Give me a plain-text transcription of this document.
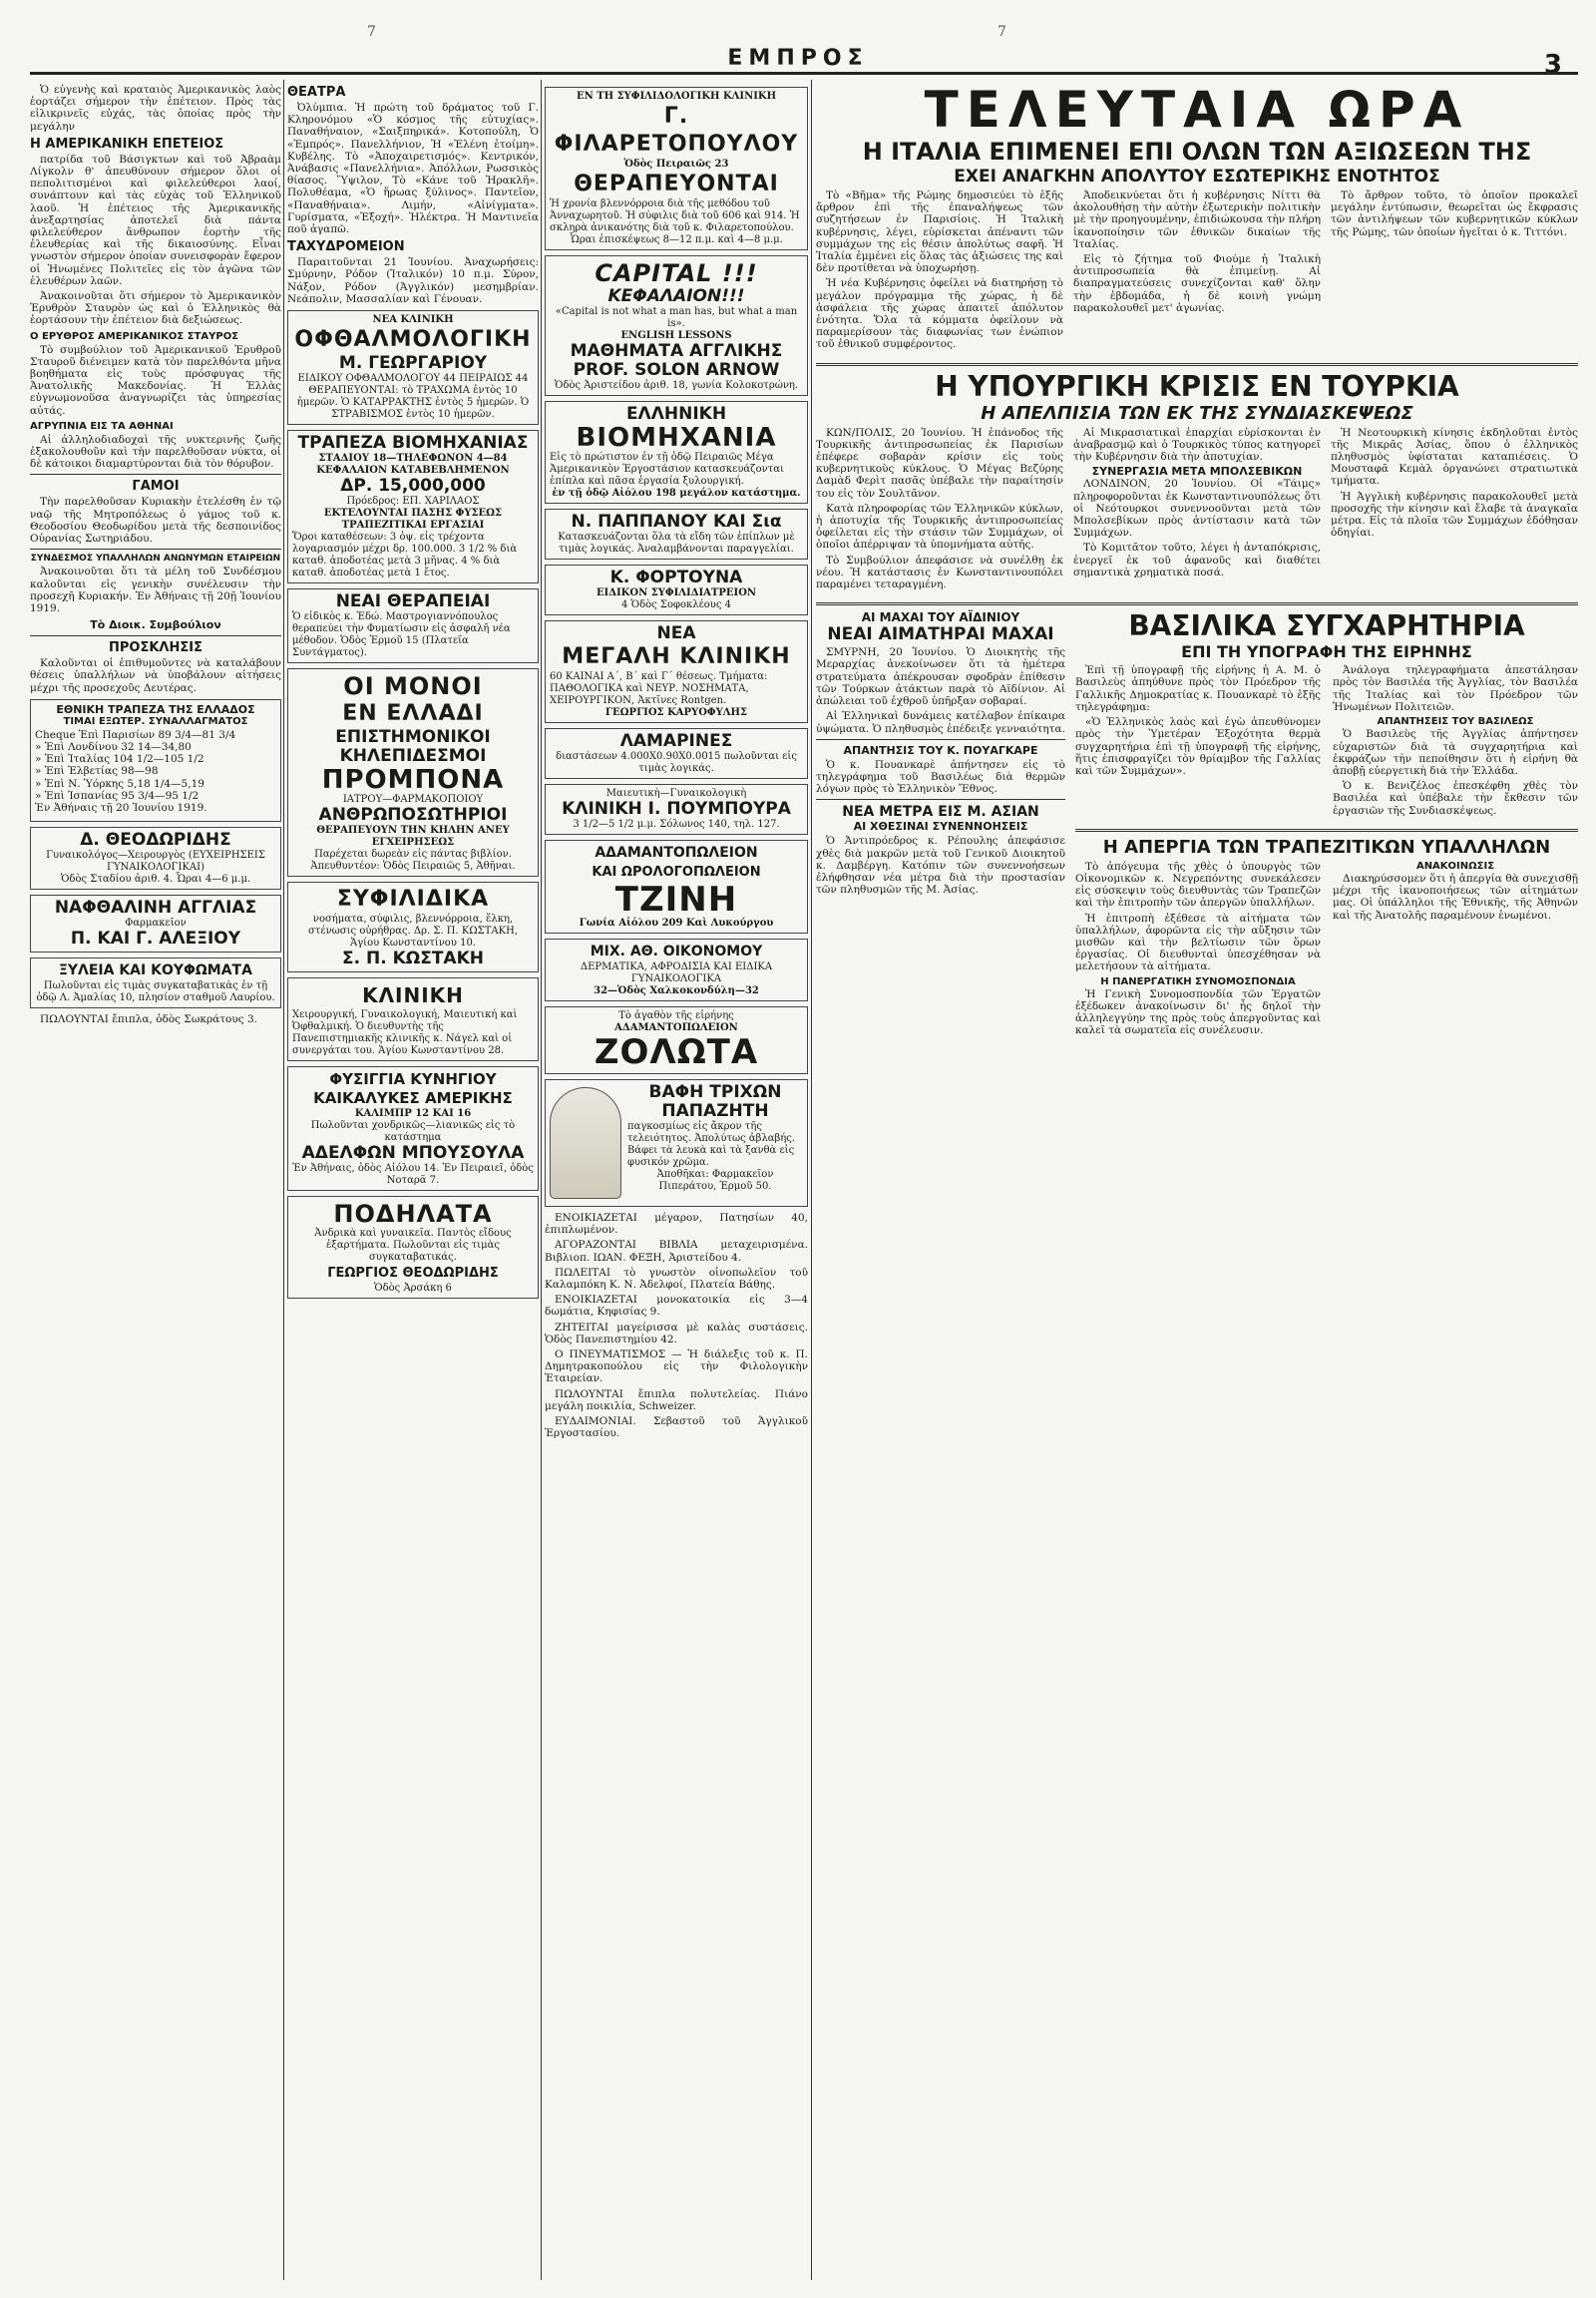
7	7
ΕΜΠΡΟΣ	3

Ὁ εὐγενὴς καὶ κραταιὸς Ἀμερικανικὸς λαὸς ἑορτάζει σήμερον τὴν ἐπέτειον. Πρὸς τὰς εἰλικρινεῖς εὐχάς, τὰς ὁποίας πρὸς τὴν μεγάλην

Η ΑΜΕΡΙΚΑΝΙΚΗ ΕΠΕΤΕΙΟΣ

πατρίδα τοῦ Βάσιγκτων καὶ τοῦ Ἀβραὰμ Λίγκολν θ' ἀπευθύνουν σήμερον ὅλοι οἱ πεπολιτισμένοι καὶ φιλελεύθεροι λαοί, συνάπτουν καὶ τὰς εὐχὰς τοῦ Ἑλληνικοῦ λαοῦ. Ἡ ἐπέτειος τῆς Ἀμερικανικῆς ἀνεξαρτησίας ἀποτελεῖ διὰ πάντα φιλελεύθερον ἄνθρωπον ἑορτὴν τῆς ἐλευθερίας καὶ τῆς δικαιοσύνης. Εἶναι γνωστὸν σήμερον ὁποίαν συνεισφορὰν ἔφερον οἱ Ἡνωμένες Πολιτεῖες εἰς τὸν ἀγῶνα τῶν ἐλευθέρων λαῶν.

Ἀνακοινοῦται ὅτι σήμερον τὸ Ἀμερικανικὸν Ἐρυθρὸν Σταυρὸν ὡς καὶ ὁ Ἐλληνικὸς θὰ ἑορτάσουν τὴν ἐπέτειον διὰ δεξιώσεως.

Ο ΕΡΥΘΡΟΣ ΑΜΕΡΙΚΑΝΙΚΟΣ ΣΤΑΥΡΟΣ

Τὸ συμβούλιον τοῦ Ἀμερικανικοῦ Ἐρυθροῦ Σταυροῦ διένειμεν κατὰ τὸν παρελθόντα μῆνα βοηθήματα εἰς τοὺς πρόσφυγας τῆς Ἀνατολικῆς Μακεδονίας. Ἡ Ἑλλὰς εὐγνωμονοῦσα ἀναγνωρίζει τὰς ὑπηρεσίας αὐτάς.

ΑΓΡΥΠΝΙΑ ΕΙΣ ΤΑ ΑΘΗΝΑΙ

Αἱ ἀλληλοδιαδοχαὶ τῆς νυκτερινῆς ζωῆς ἐξακολουθοῦν καὶ τὴν παρελθοῦσαν νύκτα, οἱ δὲ κάτοικοι διαμαρτύρονται διὰ τὸν θόρυβον.

ΓΑΜΟΙ

Τὴν παρελθοῦσαν Κυριακὴν ἐτελέσθη ἐν τῷ ναῷ τῆς Μητροπόλεως ὁ γάμος τοῦ κ. Θεοδοσίου Θεοδωρίδου μετὰ τῆς δεσποινίδος Οὐρανίας Σωτηριάδου.

ΣΥΝΔΕΣΜΟΣ ΥΠΑΛΛΗΛΩΝ ΑΝΩΝΥΜΩΝ ΕΤΑΙΡΕΙΩΝ

Ἀνακοινοῦται ὅτι τὰ μέλη τοῦ Συνδέσμου καλοῦνται εἰς γενικὴν συνέλευσιν τὴν προσεχῆ Κυριακήν. Ἐν Ἀθήναις τῇ 20ῇ Ἰουνίου 1919.

Τὸ Διοικ. Συμβούλιον
ΠΡΟΣΚΛΗΣΙΣ

Καλοῦνται οἱ ἐπιθυμοῦντες νὰ καταλάβουν θέσεις ὑπαλλήλων νὰ ὑποβάλουν αἰτήσεις μέχρι τῆς προσεχοῦς Δευτέρας.

ΕΘΝΙΚΗ ΤΡΑΠΕΖΑ ΤΗΣ ΕΛΛΑΔΟΣ
ΤΙΜΑΙ ΕΞΩΤΕΡ. ΣΥΝΑΛΛΑΓΜΑΤΟΣ
Cheque Ἐπὶ Παρισίων 89 3/4—81 3/4
» Ἐπὶ Λονδίνου 32 14—34,80
» Ἐπὶ Ἰταλίας 104 1/2—105 1/2
» Ἐπὶ Ἑλβετίας 98—98
» Ἐπὶ Ν. Ὑόρκης 5,18 1/4—5,19
» Ἐπὶ Ἰσπανίας 95 3/4—95 1/2
Ἐν Ἀθήναις τῇ 20 Ἰουνίου 1919.
Δ. ΘΕΟΔΩΡΙΔΗΣ
Γυναικολόγος—Χειρουργὸς (ΕΥΧΕΙΡΗΣΕΙΣ ΓΥΝΑΙΚΟΛΟΓΙΚΑΙ)
Ὁδὸς Σταδίου ἀριθ. 4. Ὧραι 4—6 μ.μ.
ΝΑΦΘΑΛΙΝΗ ΑΓΓΛΙΑΣ
Φαρμακεῖον
Π. ΚΑΙ Γ. ΑΛΕΞΙΟΥ
ΞΥΛΕΙΑ ΚΑΙ ΚΟΥΦΩΜΑΤΑ
Πωλοῦνται εἰς τιμὰς συγκαταβατικὰς ἐν τῇ ὁδῷ Λ. Ἀμαλίας 10, πλησίον σταθμοῦ Λαυρίου.

ΠΩΛΟΥΝΤΑΙ ἔπιπλα, ὁδὸς Σωκράτους 3.

ΘΕΑΤΡΑ

Ὀλύμπια. Ἡ πρώτη τοῦ δράματος τοῦ Γ. Κληρονόμου «Ὁ κόσμος τῆς εὐτυχίας». Παναθήναιον, «Σαιξπηρικά». Κοτοπούλη, Ὁ «Ἐμπρός». Πανελλήνιον, Ἡ «Ἑλένη ἑτοίμη». Κυβέλης. Τὸ «Ἀποχαιρετισμός». Κεντρικόν, Ἀνάβασις «Πανελλήνια». Ἀπόλλων, Ρωσσικὸς θίασος. Ὕψιλον, Τὸ «Κάνε τοῦ Ἡρακλῆ». Πολυθέαμα, «Ὁ ἥρωας ξύλινος». Παντεῖον, «Παναθήναια». Λιμήν, «Αἰνίγματα». Γυρίσματα, «Ἐξοχή». Ἠλέκτρα. Ἡ Μαντινεῖα ποῦ ἀγαπῶ.

ΤΑΧΥΔΡΟΜΕΙΟΝ

Παραιτοῦνται 21 Ἰουνίου. Ἀναχωρήσεις: Σμύρνην, Ρόδον (Ἰταλικόν) 10 π.μ. Σύρον, Νάξον, Ρόδον (Ἀγγλικόν) μεσημβρίαν. Νεάπολιν, Μασσαλίαν καὶ Γένουαν.

ΝΕΑ ΚΛΙΝΙΚΗ
ΟΦΘΑΛΜΟΛΟΓΙΚΗ
Μ. ΓΕΩΡΓΑΡΙΟΥ
ΕΙΔΙΚΟΥ ΟΦΘΑΛΜΟΛΟΓΟΥ 44 ΠΕΙΡΑΙΩΣ 44
ΘΕΡΑΠΕΥΟΝΤΑΙ: τὸ ΤΡΑΧΩΜΑ ἐντὸς 10 ἡμερῶν. Ὁ ΚΑΤΑΡΡΑΚΤΗΣ ἐντὸς 5 ἡμερῶν. Ὁ ΣΤΡΑΒΙΣΜΟΣ ἐντὸς 10 ἡμερῶν.
ΤΡΑΠΕΖΑ ΒΙΟΜΗΧΑΝΙΑΣ
ΣΤΑΔΙΟΥ 18—ΤΗΛΕΦΩΝΟΝ 4—84
ΚΕΦΑΛΑΙΟΝ ΚΑΤΑΒΕΒΛΗΜΕΝΟΝ
ΔΡ. 15,000,000
Πρόεδρος: ΕΠ. ΧΑΡΙΛΑΟΣ
ΕΚΤΕΛΟΥΝΤΑΙ ΠΑΣΗΣ ΦΥΣΕΩΣ ΤΡΑΠΕΖΙΤΙΚΑΙ ΕΡΓΑΣΙΑΙ
Ὅροι καταθέσεων: 3 ὀψ. εἰς τρέχοντα λογαριασμόν μέχρι δρ. 100.000. 3 1/2 % διὰ καταθ. ἀποδοτέας μετὰ 3 μῆνας. 4 % διὰ καταθ. ἀποδοτέας μετὰ 1 ἔτος.
ΝΕΑΙ ΘΕΡΑΠΕΙΑΙ
Ὁ εἰδικὸς κ. Ἐδώ. Μαστρογιαννόπουλος θεραπεύει τὴν Φυματίωσιν εἰς ἀσφαλῆ νέα μέθοδον. Ὁδὸς Ἐρμοῦ 15 (Πλατεῖα Συντάγματος).
ΟΙ ΜΟΝΟΙ
ΕΝ ΕΛΛΑΔΙ
ΕΠΙΣΤΗΜΟΝΙΚΟΙ ΚΗΛΕΠΙΔΕΣΜΟΙ
ΠΡΟΜΠΟΝΑ
ΙΑΤΡΟΥ—ΦΑΡΜΑΚΟΠΟΙΟΥ
ΑΝΘΡΩΠΟΣΩΤΗΡΙΟΙ
ΘΕΡΑΠΕΥΟΥΝ ΤΗΝ ΚΗΛΗΝ ΑΝΕΥ ΕΓΧΕΙΡΗΣΕΩΣ
Παρέχεται δωρεὰν εἰς πάντας βιβλίον. Ἀπευθυντέον: Ὁδὸς Πειραιῶς 5, Ἀθῆναι.
ΣΥΦΙΛΙΔΙΚΑ
νοσήματα, σύφιλις, βλεννόρροια, ἕλκη, στένωσις οὐρήθρας. Δρ. Σ. Π. ΚΩΣΤΑΚΗ, Ἁγίου Κωνσταντίνου 10.
Σ. Π. ΚΩΣΤΑΚΗ
ΚΛΙΝΙΚΗ
Χειρουργική, Γυναικολογική, Μαιευτική καὶ Ὀφθαλμική. Ὁ διευθυντὴς τῆς Πανεπιστημιακῆς κλινικῆς κ. Νάγελ καὶ οἱ συνεργάται του. Ἁγίου Κωνσταντίνου 28.
ΦΥΣΙΓΓΙΑ ΚΥΝΗΓΙΟΥ
ΚΑΙΚΑΛΥΚΕΣ ΑΜΕΡΙΚΗΣ
ΚΑΛΙΜΠΡ 12 ΚΑΙ 16
Πωλοῦνται χονδρικῶς—λιανικῶς εἰς τὸ κατάστημα
ΑΔΕΛΦΩΝ ΜΠΟΥΣΟΥΛΑ
Ἐν Ἀθήναις, ὁδὸς Αἰόλου 14. Ἐν Πειραιεῖ, ὁδὸς Νοταρᾶ 7.
ΠΟΔΗΛΑΤΑ
Ἀνδρικὰ καὶ γυναικεῖα. Παντὸς εἴδους ἐξαρτήματα. Πωλοῦνται εἰς τιμὰς συγκαταβατικάς.
ΓΕΩΡΓΙΟΣ ΘΕΟΔΩΡΙΔΗΣ
Ὁδὸς Ἀρσάκη 6
ΕΝ ΤΗ ΣΥΦΙΛΙΔΟΛΟΓΙΚΗ ΚΛΙΝΙΚΗ
Γ. ΦΙΛΑΡΕΤΟΠΟΥΛΟΥ
Ὁδὸς Πειραιῶς 23
ΘΕΡΑΠΕΥΟΝΤΑΙ
Ἡ χρονία βλεννόρροια διὰ τῆς μεθόδου τοῦ Ἀνναχωρητοῦ. Ἡ σύφιλις διὰ τοῦ 606 καὶ 914. Ἡ σκληρὰ ἀνικανότης διὰ τοῦ κ. Φιλαρετοπούλου.
Ὧραι ἐπισκέψεως 8—12 π.μ. καὶ 4—8 μ.μ.
CAPITAL !!!
ΚΕΦΑΛΑΙΟΝ!!!
«Capital is not what a man has, but what a man is».
ENGLISH LESSONS
ΜΑΘΗΜΑΤΑ ΑΓΓΛΙΚΗΣ
PROF. SOLON ARNOW
Ὁδὸς Ἀριστείδου ἀριθ. 18, γωνία Κολοκοτρώνη.
ΕΛΛΗΝΙΚΗ
ΒΙΟΜΗΧΑΝΙΑ
Εἰς τὸ πρώτιστον ἐν τῇ ὁδῷ Πειραιῶς Μέγα Ἀμερικανικὸν Ἐργοστάσιον κατασκευάζονται ἐπίπλα καὶ πᾶσα ἐργασία ξυλουργική.
ἐν τῇ ὁδῷ Αἰόλου 198 μεγάλον κατάστημα.
Ν. ΠΑΠΠΑΝΟΥ ΚΑΙ Σια
Κατασκευάζονται ὅλα τὰ εἴδη τῶν ἐπίπλων μὲ τιμὰς λογικάς. Ἀναλαμβάνονται παραγγελίαι.
Κ. ΦΟΡΤΟΥΝΑ
ΕΙΔΙΚΟΝ ΣΥΦΙΛΙΔΙΑΤΡΕΙΟΝ
4 Ὁδὸς Σοφοκλέους 4
ΝΕΑ
ΜΕΓΑΛΗ ΚΛΙΝΙΚΗ
60 ΚΑΙΝΑΙ Α΄, Β΄ καὶ Γ΄ θέσεως. Τμήματα: ΠΑΘΟΛΟΓΙΚΑ καὶ ΝΕΥΡ. ΝΟΣΗΜΑΤΑ, ΧΕΙΡΟΥΡΓΙΚΟΝ, Ἀκτῖνες Rontgen.
ΓΕΩΡΓΙΟΣ ΚΑΡΥΟΦΥΛΗΣ
ΛΑΜΑΡΙΝΕΣ
διαστάσεων 4.000Χ0.90Χ0.0015 πωλοῦνται εἰς τιμὰς λογικάς.
Μαιευτικὴ—Γυναικολογικὴ
ΚΛΙΝΙΚΗ Ι. ΠΟΥΜΠΟΥΡΑ
3 1/2—5 1/2 μ.μ. Σόλωνος 140, τηλ. 127.
ΑΔΑΜΑΝΤΟΠΩΛΕΙΟΝ
ΚΑΙ ΩΡΟΛΟΓΟΠΩΛΕΙΟΝ
ΤΖΙΝΗ
Γωνία Αἰόλου 209 Καὶ Λυκούργου
ΜΙΧ. ΑΘ. ΟΙΚΟΝΟΜΟΥ
ΔΕΡΜΑΤΙΚΑ, ΑΦΡΟΔΙΣΙΑ ΚΑΙ ΕΙΔΙΚΑ ΓΥΝΑΙΚΟΛΟΓΙΚΑ
32—Ὁδὸς Χαλκοκονδύλη—32
Τὸ ἀγαθὸν τῆς εἰρήνης
ΑΔΑΜΑΝΤΟΠΩΛΕΙΟΝ
ΖΟΛΩΤΑ
ΒΑΦΗ ΤΡΙΧΩΝ
ΠΑΠΑΖΗΤΗ
παγκοσμίως εἰς ἄκρον τῆς τελειότητος. Ἀπολύτως ἀβλαβής. Βάφει τὰ λευκὰ καὶ τὰ ξανθὰ εἰς φυσικόν χρῶμα.
Ἀποθῆκαι: Φαρμακεῖον Πιπεράτου, Ἑρμοῦ 50.

ΕΝΟΙΚΙΑΖΕΤΑΙ μέγαρον, Πατησίων 40, ἐπιπλωμένον.

ΑΓΟΡΑΖΟΝΤΑΙ ΒΙΒΛΙΑ μεταχειρισμένα. Βιβλιοπ. ΙΩΑΝ. ΦΕΞΗ, Ἀριστείδου 4.

ΠΩΛΕΙΤΑΙ τὸ γνωστὸν οἰνοπωλεῖον τοῦ Καλαμπόκη Κ. Ν. Ἀδελφοί, Πλατεία Βάθης.

ΕΝΟΙΚΙΑΖΕΤΑΙ μονοκατοικία εἰς 3—4 δωμάτια, Κηφισίας 9.

ΖΗΤΕΙΤΑΙ μαγείρισσα μὲ καλὰς συστάσεις. Ὁδὸς Πανεπιστημίου 42.

Ο ΠΝΕΥΜΑΤΙΣΜΟΣ — Ἡ διάλεξις τοῦ κ. Π. Δημητρακοπούλου εἰς τὴν Φιλολογικὴν Ἑταιρείαν.

ΠΩΛΟΥΝΤΑΙ ἔπιπλα πολυτελείας. Πιάνο μεγάλη ποικιλία, Schweizer.

ΕΥΔΑΙΜΟΝΙΑΙ. Σεβαστοῦ τοῦ Ἀγγλικοῦ Ἐργοστασίου.

ΤΕΛΕΥΤΑΙΑ ΩΡΑ
Η ΙΤΑΛΙΑ ΕΠΙΜΕΝΕΙ ΕΠΙ ΟΛΩΝ ΤΩΝ ΑΞΙΩΣΕΩΝ ΤΗΣ
ΕΧΕΙ ΑΝΑΓΚΗΝ ΑΠΟΛΥΤΟΥ ΕΣΩΤΕΡΙΚΗΣ ΕΝΟΤΗΤΟΣ

Τὸ «Βῆμα» τῆς Ρώμης δημοσιεύει τὸ ἑξῆς ἄρθρον ἐπὶ τῆς ἐπαναλήψεως τῶν συζητήσεων ἐν Παρισίοις. Ἡ Ἰταλικὴ κυβέρνησις, λέγει, εὑρίσκεται ἀπέναντι τῶν συμμάχων της εἰς θέσιν ἀπολύτως σαφῆ. Ἡ Ἰταλία ἐμμένει εἰς ὅλας τὰς ἀξιώσεις της καὶ δὲν προτίθεται νὰ ὑποχωρήσῃ.

Ἡ νέα Κυβέρνησις ὀφείλει νὰ διατηρήσῃ τὸ μεγάλον πρόγραμμα τῆς χώρας, ἡ δὲ ἀσφάλεια τῆς χώρας ἀπαιτεῖ ἀπόλυτον ἑνότητα. Ὅλα τὰ κόμματα ὀφείλουν νὰ παραμερίσουν τὰς διαφωνίας των ἐνώπιον τοῦ ἐθνικοῦ συμφέροντος.

Ἀποδεικνύεται ὅτι ἡ κυβέρνησις Νίττι θὰ ἀκολουθήσῃ τὴν αὐτὴν ἐξωτερικὴν πολιτικὴν μὲ τὴν προηγουμένην, ἐπιδιώκουσα τὴν πλήρη ἱκανοποίησιν τῶν ἐθνικῶν δικαίων τῆς Ἰταλίας.

Εἰς τὸ ζήτημα τοῦ Φιούμε ἡ Ἰταλικὴ ἀντιπροσωπεία θὰ ἐπιμείνῃ. Αἱ διαπραγματεύσεις συνεχίζονται καθ' ὅλην τὴν ἑβδομάδα, ἡ δὲ κοινὴ γνώμη παρακολουθεῖ μετ' ἀγωνίας.

Τὸ ἄρθρον τοῦτο, τὸ ὁποῖον προκαλεῖ μεγάλην ἐντύπωσιν, θεωρεῖται ὡς ἔκφρασις τῶν ἀντιλήψεων τῶν κυβερνητικῶν κύκλων τῆς Ρώμης, τῶν ὁποίων ἡγεῖται ὁ κ. Τιττόνι.

Η ΥΠΟΥΡΓΙΚΗ ΚΡΙΣΙΣ ΕΝ ΤΟΥΡΚΙΑ
Η ΑΠΕΛΠΙΣΙΑ ΤΩΝ ΕΚ ΤΗΣ ΣΥΝΔΙΑΣΚΕΨΕΩΣ

ΚΩΝ/ΠΟΛΙΣ, 20 Ἰουνίου. Ἡ ἐπάνοδος τῆς Τουρκικῆς ἀντιπροσωπείας ἐκ Παρισίων ἐπέφερε σοβαρὰν κρίσιν εἰς τοὺς κυβερνητικοὺς κύκλους. Ὁ Μέγας Βεζύρης Δαμὰδ Φερὶτ πασᾶς ὑπέβαλε τὴν παραίτησίν του εἰς τὸν Σουλτᾶνον.

Κατὰ πληροφορίας τῶν Ἑλληνικῶν κύκλων, ἡ ἀποτυχία τῆς Τουρκικῆς ἀντιπροσωπείας ὀφείλεται εἰς τὴν στάσιν τῶν Συμμάχων, οἱ ὁποῖοι ἀπέρριψαν τὰ ὑπομνήματα αὐτῆς.

Τὸ Συμβούλιον ἀπεφάσισε νὰ συνέλθῃ ἐκ νέου. Ἡ κατάστασις ἐν Κωνσταντινουπόλει παραμένει τεταραγμένη.

Αἱ Μικρασιατικαὶ ἐπαρχίαι εὑρίσκονται ἐν ἀναβρασμῷ καὶ ὁ Τουρκικὸς τύπος κατηγορεῖ τὴν Κυβέρνησιν διὰ τὴν ἀποτυχίαν.

ΣΥΝΕΡΓΑΣΙΑ ΜΕΤΑ ΜΠΟΛΣΕΒΙΚΩΝ

ΛΟΝΔΙΝΟΝ, 20 Ἰουνίου. Οἱ «Τάιμς» πληροφοροῦνται ἐκ Κωνσταντινουπόλεως ὅτι οἱ Νεότουρκοι συνεννοοῦνται μετὰ τῶν Μπολσεβίκων πρὸς ἀντίστασιν κατὰ τῶν Συμμάχων.

Τὸ Κομιτᾶτον τοῦτο, λέγει ἡ ἀνταπόκρισις, ἐνεργεῖ ἐκ τοῦ ἀφανοῦς καὶ διαθέτει σημαντικὰ χρηματικὰ ποσά.

Ἡ Νεοτουρκικὴ κίνησις ἐκδηλοῦται ἐντὸς τῆς Μικρᾶς Ἀσίας, ὅπου ὁ ἑλληνικὸς πληθυσμὸς ὑφίσταται καταπιέσεις. Ὁ Μουσταφᾶ Κεμὰλ ὀργανώνει στρατιωτικὰ τμήματα.

Ἡ Ἀγγλικὴ κυβέρνησις παρακολουθεῖ μετὰ προσοχῆς τὴν κίνησιν καὶ ἔλαβε τὰ ἀναγκαῖα μέτρα. Εἰς τὰ πλοῖα τῶν Συμμάχων ἐδόθησαν ὁδηγίαι.

ΑΙ ΜΑΧΑΙ ΤΟΥ ΑΪΔΙΝΙΟΥ
ΝΕΑΙ ΑΙΜΑΤΗΡΑΙ ΜΑΧΑΙ

ΣΜΥΡΝΗ, 20 Ἰουνίου. Ὁ Διοικητὴς τῆς Μεραρχίας ἀνεκοίνωσεν ὅτι τὰ ἡμέτερα στρατεύματα ἀπέκρουσαν σφοδρὰν ἐπίθεσιν τῶν Τούρκων ἀτάκτων παρὰ τὸ Αϊδίνιον. Αἱ ἀπώλειαι τοῦ ἐχθροῦ ὑπῆρξαν σοβαραί.

Αἱ Ἑλληνικαὶ δυνάμεις κατέλαβον ἐπίκαιρα ὑψώματα. Ὁ πληθυσμὸς ἐπέδειξε γενναιότητα.

ΑΠΑΝΤΗΣΙΣ ΤΟΥ Κ. ΠΟΥΑΓΚΑΡΕ

Ὁ κ. Πουανκαρὲ ἀπήντησεν εἰς τὸ τηλεγράφημα τοῦ Βασιλέως διὰ θερμῶν λόγων πρὸς τὸ Ἑλληνικὸν Ἔθνος.

ΝΕΑ ΜΕΤΡΑ ΕΙΣ Μ. ΑΣΙΑΝ
ΑΙ ΧΘΕΣΙΝΑΙ ΣΥΝΕΝΝΟΗΣΕΙΣ

Ὁ Ἀντιπρόεδρος κ. Ρέπουλης ἀπεφάσισε χθὲς διὰ μακρῶν μετὰ τοῦ Γενικοῦ Διοικητοῦ κ. Δαμβέργη. Κατόπιν τῶν συνεννοήσεων ἐλήφθησαν νέα μέτρα διὰ τὴν προστασίαν τῶν πληθυσμῶν τῆς Μ. Ἀσίας.

ΒΑΣΙΛΙΚΑ ΣΥΓΧΑΡΗΤΗΡΙΑ
ΕΠΙ ΤΗ ΥΠΟΓΡΑΦΗ ΤΗΣ ΕΙΡΗΝΗΣ

Ἐπὶ τῇ ὑπογραφῇ τῆς εἰρήνης ἡ Α. Μ. ὁ Βασιλεὺς ἀπηύθυνε πρὸς τὸν Πρόεδρον τῆς Γαλλικῆς Δημοκρατίας κ. Πουανκαρὲ τὸ ἑξῆς τηλεγράφημα:

«Ὁ Ἑλληνικὸς λαὸς καὶ ἐγὼ ἀπευθύνομεν πρὸς τὴν Ὑμετέραν Ἐξοχότητα θερμὰ συγχαρητήρια ἐπὶ τῇ ὑπογραφῇ τῆς εἰρήνης, ἥτις ἐπισφραγίζει τὸν θρίαμβον τῆς Γαλλίας καὶ τῶν Συμμάχων».

Ἀνάλογα τηλεγραφήματα ἀπεστάλησαν πρὸς τὸν Βασιλέα τῆς Ἀγγλίας, τὸν Βασιλέα τῆς Ἰταλίας καὶ τὸν Πρόεδρον τῶν Ἡνωμένων Πολιτειῶν.

ΑΠΑΝΤΗΣΕΙΣ ΤΟΥ ΒΑΣΙΛΕΩΣ

Ὁ Βασιλεὺς τῆς Ἀγγλίας ἀπήντησεν εὐχαριστῶν διὰ τὰ συγχαρητήρια καὶ ἐκφράζων τὴν πεποίθησιν ὅτι ἡ εἰρήνη θὰ ἀποβῇ εὐεργετικὴ διὰ τὴν Ἑλλάδα.

Ὁ κ. Βενιζέλος ἐπεσκέφθη χθὲς τὸν Βασιλέα καὶ ὑπέβαλε τὴν ἔκθεσιν τῶν ἐργασιῶν τῆς Συνδιασκέψεως.

Η ΑΠΕΡΓΙΑ ΤΩΝ ΤΡΑΠΕΖΙΤΙΚΩΝ ΥΠΑΛΛΗΛΩΝ

Τὸ ἀπόγευμα τῆς χθὲς ὁ ὑπουργὸς τῶν Οἰκονομικῶν κ. Νεγρεπόντης συνεκάλεσεν εἰς σύσκεψιν τοὺς διευθυντὰς τῶν Τραπεζῶν καὶ τὴν ἐπιτροπὴν τῶν ἀπεργῶν ὑπαλλήλων.

Ἡ ἐπιτροπὴ ἐξέθεσε τὰ αἰτήματα τῶν ὑπαλλήλων, ἀφορῶντα εἰς τὴν αὔξησιν τῶν μισθῶν καὶ τὴν βελτίωσιν τῶν ὅρων ἐργασίας. Οἱ διευθυνταὶ ὑπεσχέθησαν νὰ μελετήσουν τὰ αἰτήματα.

Η ΠΑΝΕΡΓΑΤΙΚΗ ΣΥΝΟΜΟΣΠΟΝΔΙΑ

Ἡ Γενικὴ Συνομοσπονδία τῶν Ἐργατῶν ἐξέδωκεν ἀνακοίνωσιν δι' ἧς δηλοῖ τὴν ἀλληλεγγύην της πρὸς τοὺς ἀπεργοῦντας καὶ καλεῖ τὰ σωματεῖα εἰς συνέλευσιν.

ΑΝΑΚΟΙΝΩΣΙΣ

Διακηρύσσομεν ὅτι ἡ ἀπεργία θὰ συνεχισθῇ μέχρι τῆς ἱκανοποιήσεως τῶν αἰτημάτων μας. Οἱ ὑπάλληλοι τῆς Ἐθνικῆς, τῆς Ἀθηνῶν καὶ τῆς Ἀνατολῆς παραμένουν ἑνωμένοι.
